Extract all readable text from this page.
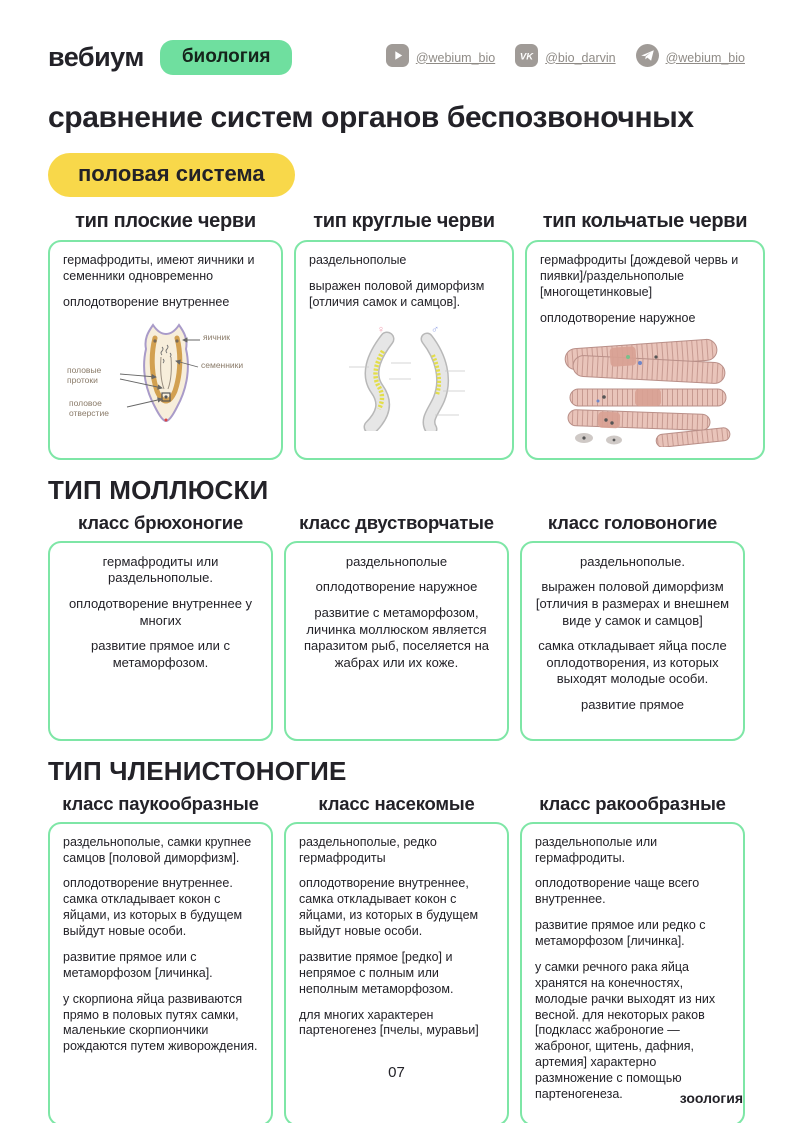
вебиум	биология	@webium_bio	VK @bio_darvin	@webium_bio
сравнение систем органов беспозвоночных
половая система
тип плоские черви

гермафродиты, имеют яичники и семенники одновременно

оплодотворение внутреннее

яичник
семенники
половые протоки
половое отверстие
тип круглые черви

раздельнополые

выражен половой диморфизм [отличия самок и самцов].

♀	♂
тип кольчатые черви

гермафродиты [дождевой червь и пиявки]/раздельнополые [многощетинковые]

оплодотворение наружное

ТИП МОЛЛЮСКИ
класс брюхоногие

гермафродиты или раздельнополые.

оплодотворение внутреннее у многих

развитие прямое или с метаморфозом.

класс двустворчатые

раздельнополые

оплодотворение наружное

развитие с метаморфозом, личинка моллюском является паразитом рыб, поселяется на жабрах или их коже.

класс головоногие

раздельнополые.

выражен половой диморфизм [отличия в размерах и внешнем виде у самок и самцов]

самка откладывает яйца после оплодотворения, из которых выходят молодые особи.

развитие прямое

ТИП ЧЛЕНИСТОНОГИЕ
класс паукообразные

раздельнополые, самки крупнее самцов [половой диморфизм].

оплодотворение внутреннее. самка откладывает кокон с яйцами, из которых в будущем выйдут новые особи.

развитие прямое или с метаморфозом [личинка].

у скорпиона яйца развиваются прямо в половых путях самки, маленькие скорпиончики рождаются путем живорождения.

класс насекомые

раздельнополые, редко гермафродиты

оплодотворение внутреннее, самка откладывает кокон с яйцами, из которых в будущем выйдут новые особи.

развитие прямое [редко] и непрямое с полным или неполным метаморфозом.

для многих характерен партеногенез [пчелы, муравьи]

класс ракообразные

раздельнополые или гермафродиты.

оплодотворение чаще всего внутреннее.

развитие прямое или редко с метаморфозом [личинка].

у самки речного рака яйца хранятся на конечностях, молодые рачки выходят из них весной. для некоторых раков [подкласс жаброногие — жаброног, щитень, дафния, артемия] характерно размножение с помощью партеногенеза.

07
зоология
